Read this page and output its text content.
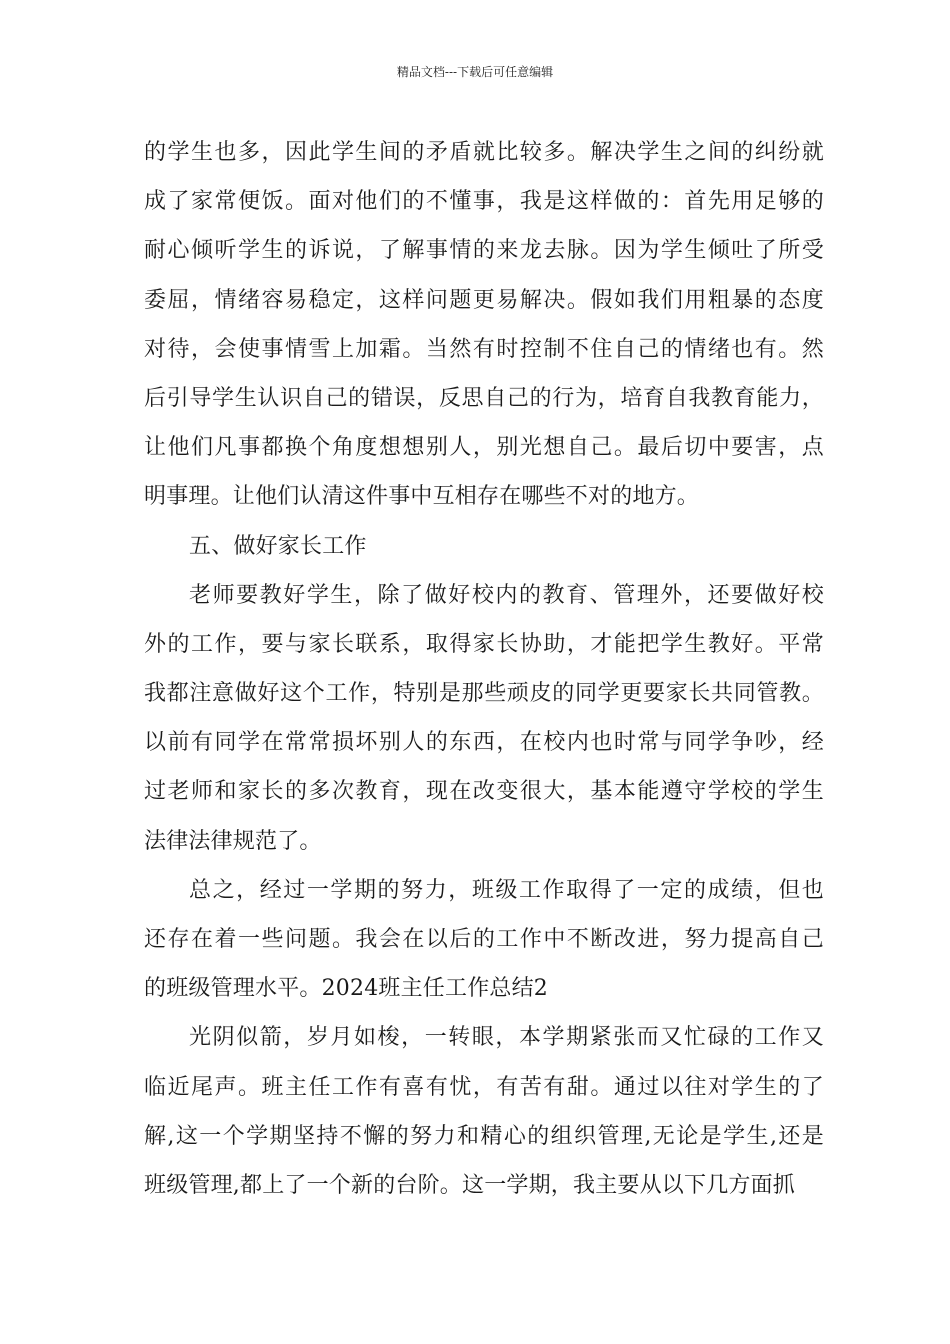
精品文档---下载后可任意编辑
的学生也多，因此学生间的矛盾就比较多。解决学生之间的纠纷就
成了家常便饭。面对他们的不懂事，我是这样做的：首先用足够的
耐心倾听学生的诉说，了解事情的来龙去脉。因为学生倾吐了所受
委屈，情绪容易稳定，这样问题更易解决。假如我们用粗暴的态度
对待，会使事情雪上加霜。当然有时控制不住自己的情绪也有。然
后引导学生认识自己的错误，反思自己的行为，培育自我教育能力，
让他们凡事都换个角度想想别人，别光想自己。最后切中要害，点
明事理。让他们认清这件事中互相存在哪些不对的地方。
五、做好家长工作
老师要教好学生，除了做好校内的教育、管理外，还要做好校
外的工作，要与家长联系，取得家长协助，才能把学生教好。平常
我都注意做好这个工作，特别是那些顽皮的同学更要家长共同管教。
以前有同学在常常损坏别人的东西，在校内也时常与同学争吵，经
过老师和家长的多次教育，现在改变很大，基本能遵守学校的学生
法律法律规范了。
总之，经过一学期的努力，班级工作取得了一定的成绩，但也
还存在着一些问题。我会在以后的工作中不断改进，努力提高自己
的班级管理水平。2024班主任工作总结2
光阴似箭，岁月如梭，一转眼，本学期紧张而又忙碌的工作又
临近尾声。班主任工作有喜有忧，有苦有甜。通过以往对学生的了
解,这一个学期坚持不懈的努力和精心的组织管理,无论是学生,还是
班级管理,都上了一个新的台阶。这一学期，我主要从以下几方面抓
